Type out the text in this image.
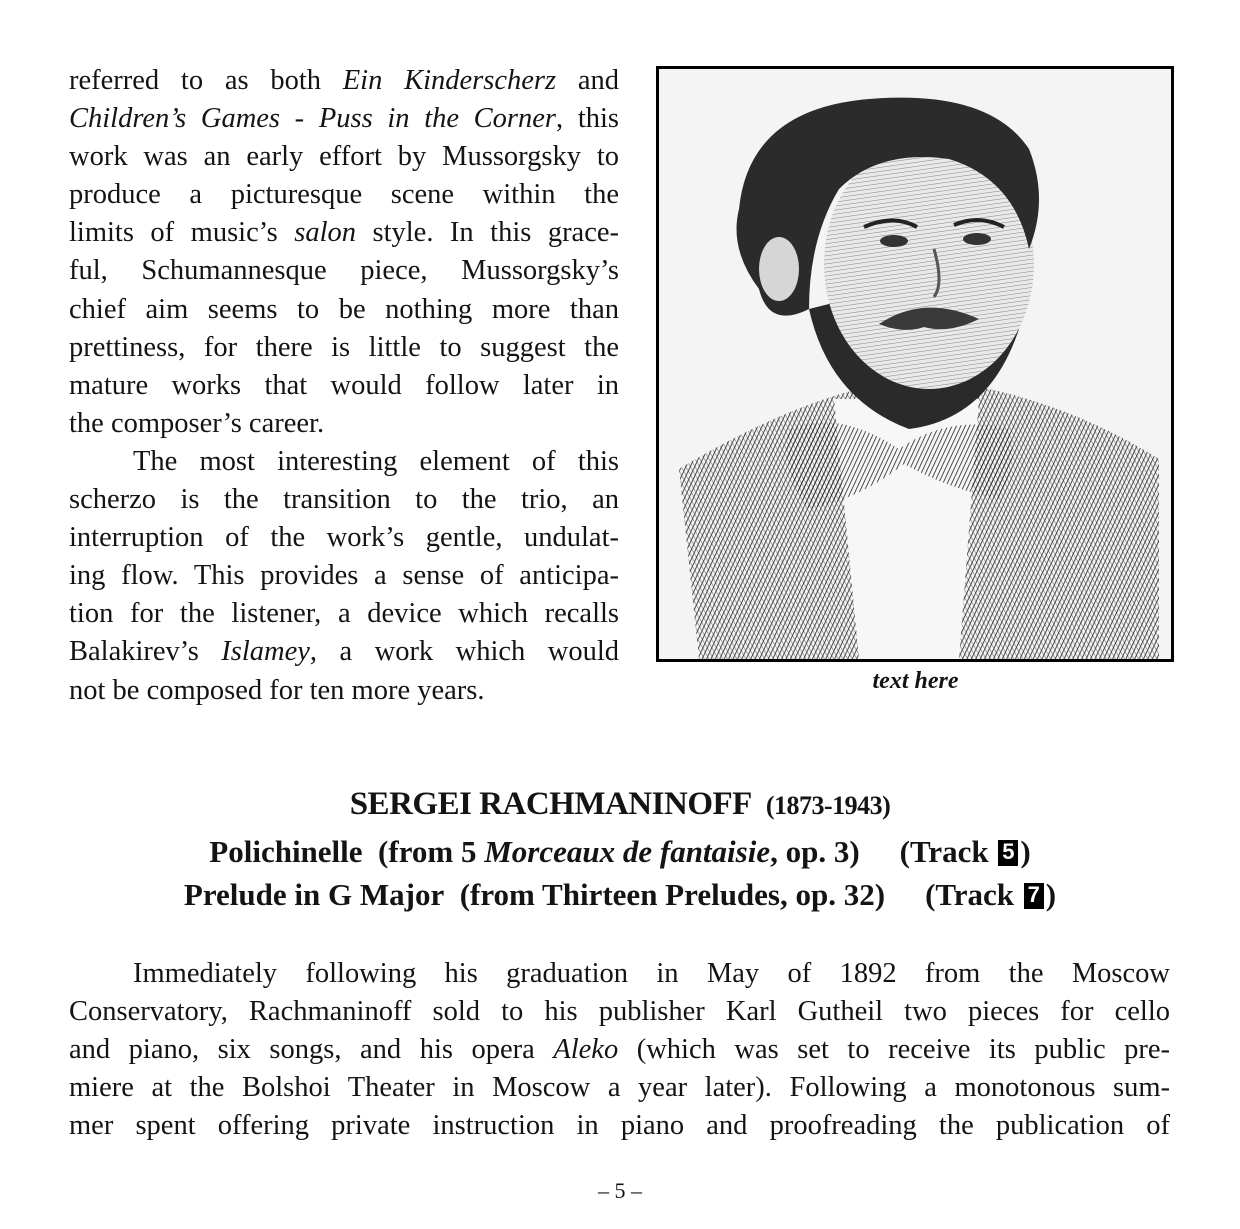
referred to as both Ein Kinderscherz and
Children’s Games - Puss in the Corner, this
work was an early effort by Mussorgsky to
produce a picturesque scene within the
limits of music’s salon style. In this grace-
ful, Schumannesque piece, Mussorgsky’s
chief aim seems to be nothing more than
prettiness, for there is little to suggest the
mature works that would follow later in
the composer’s career.

The most interesting element of this
scherzo is the transition to the trio, an
interruption of the work’s gentle, undulat-
ing flow. This provides a sense of anticipa-
tion for the listener, a device which recalls
Balakirev’s Islamey, a work which would
not be composed for ten more years.	text here
SERGEI RACHMANINOFF (1873-1943)
Polichinelle (from 5 Morceaux de fantaisie, op. 3) (Track 5 )
Prelude in G Major (from Thirteen Preludes, op. 32) (Track 7 )
Immediately following his graduation in May of 1892 from the Moscow
Conservatory, Rachmaninoff sold to his publisher Karl Gutheil two pieces for cello
and piano, six songs, and his opera Aleko (which was set to receive its public pre-
miere at the Bolshoi Theater in Moscow a year later). Following a monotonous sum-
mer spent offering private instruction in piano and proofreading the publication of
– 5 –
